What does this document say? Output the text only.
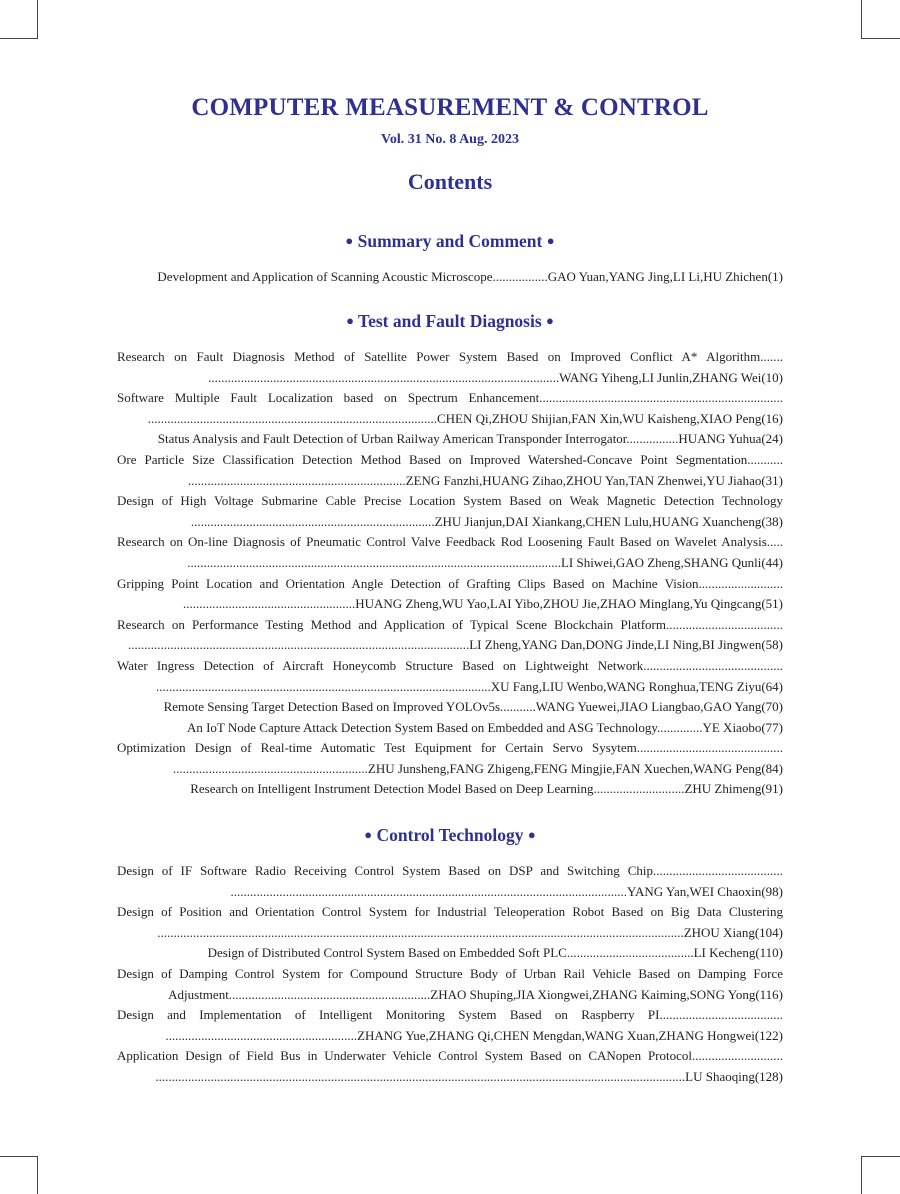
COMPUTER MEASUREMENT & CONTROL
Vol. 31 No. 8 Aug. 2023
Contents
● Summary and Comment ●
Development and Application of Scanning Acoustic Microscope.................GAO Yuan,YANG Jing,LI Li,HU Zhichen(1)
● Test and Fault Diagnosis ●
Research on Fault Diagnosis Method of Satellite Power System Based on Improved Conflict A* Algorithm.......
............................................................................................................WANG Yiheng,LI Junlin,ZHANG Wei(10)
Software Multiple Fault Localization based on Spectrum Enhancement...........................................................................
.........................................................................................CHEN Qi,ZHOU Shijian,FAN Xin,WU Kaisheng,XIAO Peng(16)
Status Analysis and Fault Detection of Urban Railway American Transponder Interrogator................HUANG Yuhua(24)
Ore Particle Size Classification Detection Method Based on Improved Watershed-Concave Point Segmentation...........
...................................................................ZENG Fanzhi,HUANG Zihao,ZHOU Yan,TAN Zhenwei,YU Jiahao(31)
Design of High Voltage Submarine Cable Precise Location System Based on Weak Magnetic Detection Technology
...........................................................................ZHU Jianjun,DAI Xiankang,CHEN Lulu,HUANG Xuancheng(38)
Research on On-line Diagnosis of Pneumatic Control Valve Feedback Rod Loosening Fault Based on Wavelet Analysis.....
...................................................................................................................LI Shiwei,GAO Zheng,SHANG Qunli(44)
Gripping Point Location and Orientation Angle Detection of Grafting Clips Based on Machine Vision..........................
.....................................................HUANG Zheng,WU Yao,LAI Yibo,ZHOU Jie,ZHAO Minglang,Yu Qingcang(51)
Research on Performance Testing Method and Application of Typical Scene Blockchain Platform....................................
.........................................................................................................LI Zheng,YANG Dan,DONG Jinde,LI Ning,BI Jingwen(58)
Water Ingress Detection of Aircraft Honeycomb Structure Based on Lightweight Network...........................................
.......................................................................................................XU Fang,LIU Wenbo,WANG Ronghua,TENG Ziyu(64)
Remote Sensing Target Detection Based on Improved YOLOv5s...........WANG Yuewei,JIAO Liangbao,GAO Yang(70)
An IoT Node Capture Attack Detection System Based on Embedded and ASG Technology..............YE Xiaobo(77)
Optimization Design of Real-time Automatic Test Equipment for Certain Servo Sysytem.............................................
............................................................ZHU Junsheng,FANG Zhigeng,FENG Mingjie,FAN Xuechen,WANG Peng(84)
Research on Intelligent Instrument Detection Model Based on Deep Learning............................ZHU Zhimeng(91)
● Control Technology ●
Design of IF Software Radio Receiving Control System Based on DSP and Switching Chip........................................
..........................................................................................................................YANG Yan,WEI Chaoxin(98)
Design of Position and Orientation Control System for Industrial Teleoperation Robot Based on Big Data Clustering
..................................................................................................................................................................ZHOU Xiang(104)
Design of Distributed Control System Based on Embedded Soft PLC.......................................LI Kecheng(110)
Design of Damping Control System for Compound Structure Body of Urban Rail Vehicle Based on Damping Force
Adjustment..............................................................ZHAO Shuping,JIA Xiongwei,ZHANG Kaiming,SONG Yong(116)
Design and Implementation of Intelligent Monitoring System Based on Raspberry PI......................................
...........................................................ZHANG Yue,ZHANG Qi,CHEN Mengdan,WANG Xuan,ZHANG Hongwei(122)
Application Design of Field Bus in Underwater Vehicle Control System Based on CANopen Protocol............................
...................................................................................................................................................................LU Shaoqing(128)
